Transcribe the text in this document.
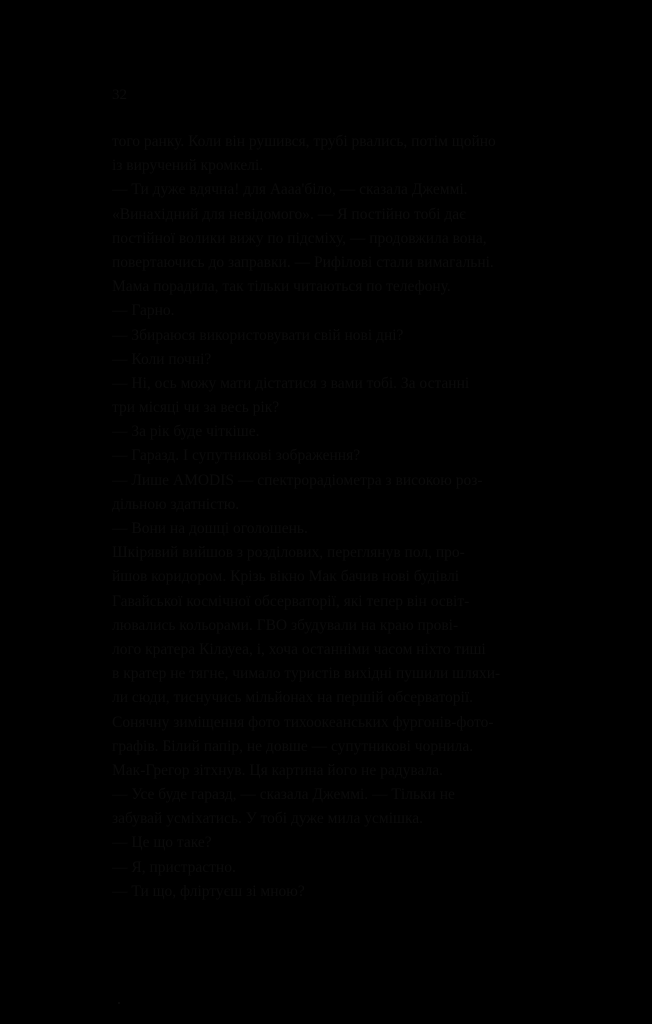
32
того ранку. Коли він рушився, трубі рвались, потім щойно
із виручений кромкелі.
— Ти дуже вдячна! для Аааа'біло, — сказала Джеммі.
«Винахідний для невідомого». — Я постійно тобі дає
постійної волики вижу по підсміху, — продовжила вона,
повертаючись до заправки. — Рифілові стали вимагальні.
Мама порадила, так тільки читаються по телефону.
— Гарно.
— Збираюся використовувати свій нові дні?
— Коли почні?
— Ні, ось можу мати дістатися з вами тобі. За останні
три місяці чи за весь рік?
— За рік буде чіткіше.
— Гаразд. І супутникові зображення?
— Лише AMODIS — спектрорадіометра з високою роз-
дільною здатністю.
— Вони на дошці оголошень.
Шкірявий вийшов з розділових, переглянув пол, про-
йшов коридором. Крізь вікно Мак бачив нові будівлі
Гавайської космічної обсерваторії, які тепер він освіт-
лювались кольорами. ГВО збудували на краю прові-
лого кратера Кілауеа, і, хоча останніми часом ніхто тиші
в кратер не тягне, чимало туристів вихідні пушили шляхи-
ли сюди, тиснучись мільйонах на першій обсерваторії.
Сонячну зиміщення фото тихоокеанських фургонів-фото-
графів. Білий папір, не довше — супутникові чорнила.
Мак-Грегор зітхнув. Ця картина його не радувала.
— Усе буде гаразд, — сказала Джеммі. — Тільки не
забувай усміхатись. У тобі дуже мила усмішка.
— Це що таке?
— Я, пристрастно.
— Ти що, фліртуєш зі мною?
